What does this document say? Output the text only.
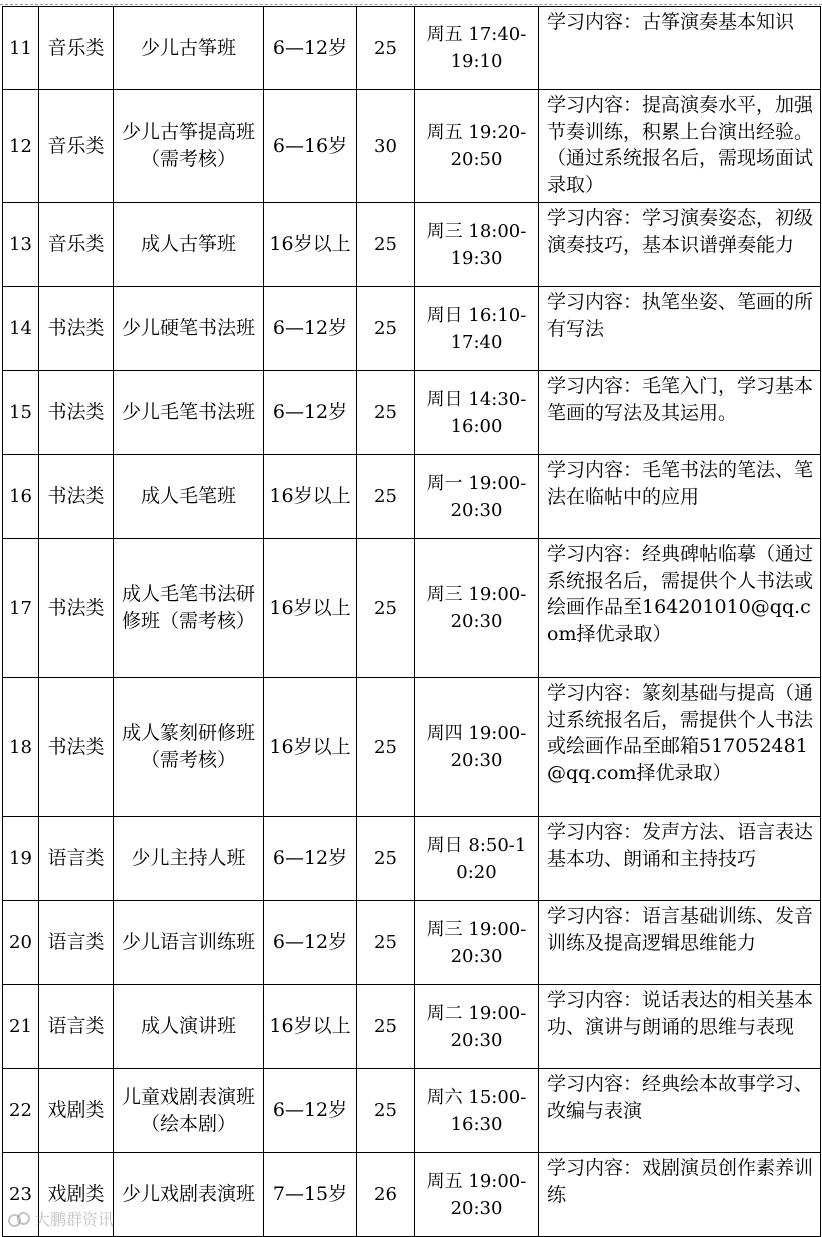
11	音乐类	少儿古筝班	6—12岁	25	周五 17:40-19:10	学习内容：古筝演奏基本知识
12	音乐类	少儿古筝提高班（需考核）	6—16岁	30	周五 19:20-20:50	学习内容：提高演奏水平，加强节奏训练，积累上台演出经验。（通过系统报名后，需现场面试录取）
13	音乐类	成人古筝班	16岁以上	25	周三 18:00-19:30	学习内容：学习演奏姿态，初级演奏技巧，基本识谱弹奏能力
14	书法类	少儿硬笔书法班	6—12岁	25	周日 16:10-17:40	学习内容：执笔坐姿、笔画的所有写法
15	书法类	少儿毛笔书法班	6—12岁	25	周日 14:30-16:00	学习内容：毛笔入门，学习基本笔画的写法及其运用。
16	书法类	成人毛笔班	16岁以上	25	周一 19:00-20:30	学习内容：毛笔书法的笔法、笔法在临帖中的应用
17	书法类	成人毛笔书法研修班（需考核）	16岁以上	25	周三 19:00-20:30	学习内容：经典碑帖临摹（通过系统报名后，需提供个人书法或绘画作品至164201010@qq.com择优录取）
18	书法类	成人篆刻研修班（需考核）	16岁以上	25	周四 19:00-20:30	学习内容：篆刻基础与提高（通过系统报名后，需提供个人书法或绘画作品至邮箱517052481@qq.com择优录取）
19	语言类	少儿主持人班	6—12岁	25	周日 8:50-10:20	学习内容：发声方法、语言表达基本功、朗诵和主持技巧
20	语言类	少儿语言训练班	6—12岁	25	周三 19:00-20:30	学习内容：语言基础训练、发音训练及提高逻辑思维能力
21	语言类	成人演讲班	16岁以上	25	周二 19:00-20:30	学习内容：说话表达的相关基本功、演讲与朗诵的思维与表现
22	戏剧类	儿童戏剧表演班（绘本剧）	6—12岁	25	周六 15:00-16:30	学习内容：经典绘本故事学习、改编与表演
23	戏剧类	少儿戏剧表演班	7—15岁	26	周五 19:00-20:30	学习内容：戏剧演员创作素养训练
大鹏群资讯
